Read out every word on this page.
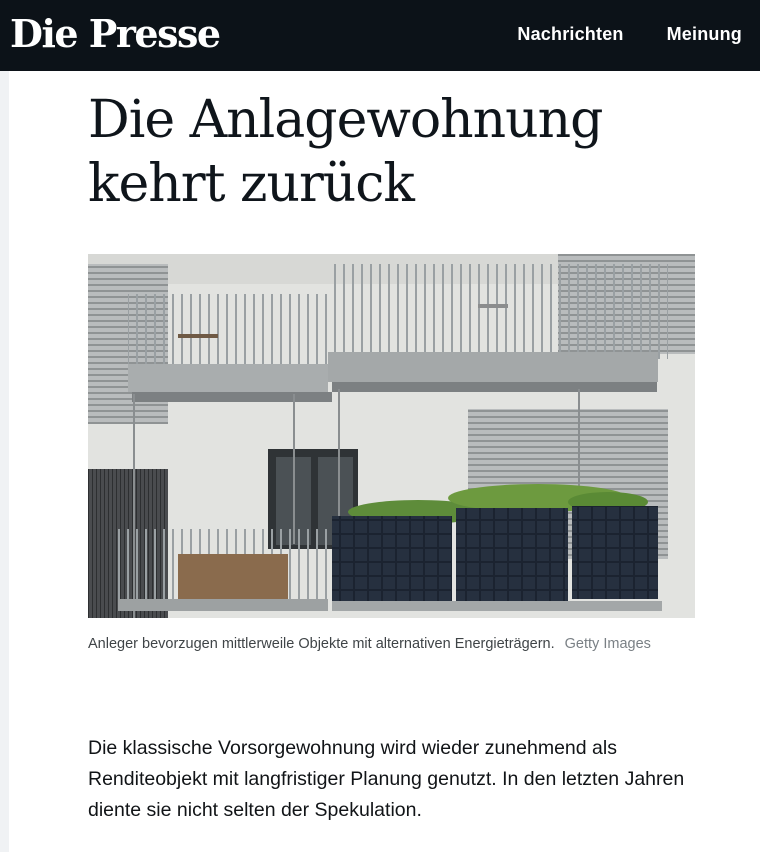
Die Presse	Nachrichten Meinung
Die Anlagewohnung kehrt zurück

Anleger bevorzugen mittlerweile Objekte mit alternativen Energieträgern. Getty Images

Die klassische Vorsorgewohnung wird wieder zunehmend als Renditeobjekt mit langfristiger Planung genutzt. In den letzten Jahren diente sie nicht selten der Spekulation.
